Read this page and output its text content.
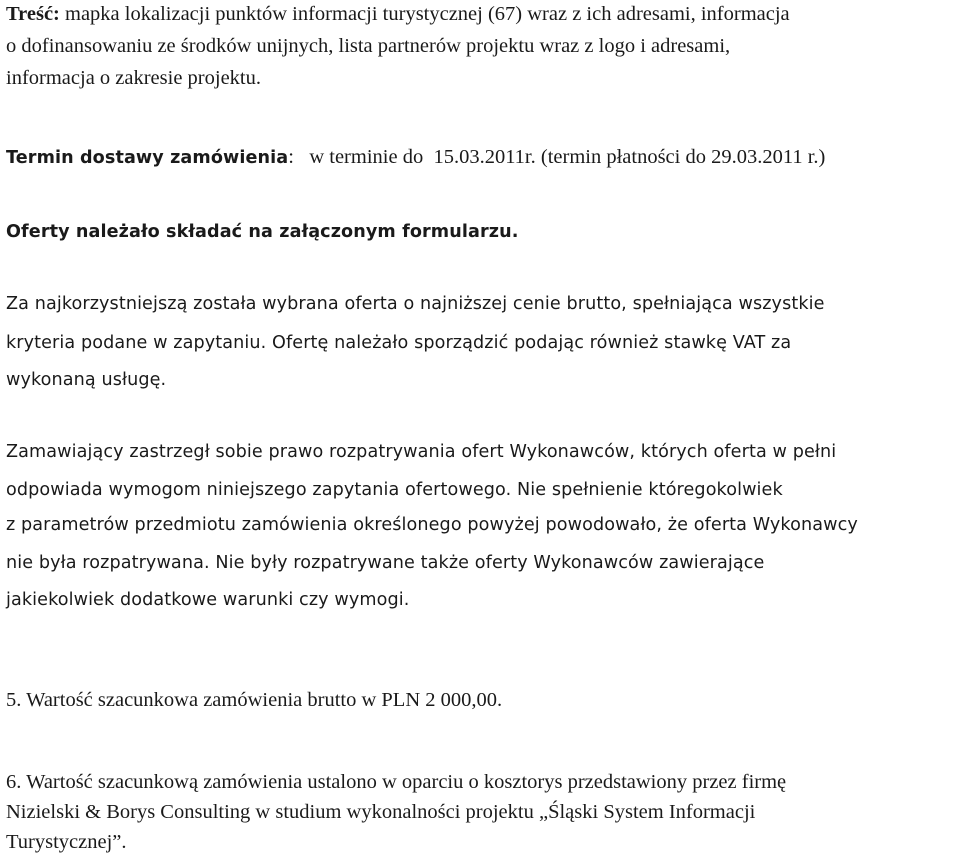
Treść: mapka lokalizacji punktów informacji turystycznej (67) wraz z ich adresami, informacja
o dofinansowaniu ze środków unijnych, lista partnerów projektu wraz z logo i adresami,
informacja o zakresie projektu.
Termin dostawy zamówienia:   w terminie do  15.03.2011r. (termin płatności do 29.03.2011 r.)
Oferty należało składać na załączonym formularzu.
Za najkorzystniejszą została wybrana oferta o najniższej cenie brutto, spełniająca wszystkie
kryteria podane w zapytaniu. Ofertę należało sporządzić podając również stawkę VAT za
wykonaną usługę.
Zamawiający zastrzegł sobie prawo rozpatrywania ofert Wykonawców, których oferta w pełni
odpowiada wymogom niniejszego zapytania ofertowego. Nie spełnienie któregokolwiek
z parametrów przedmiotu zamówienia określonego powyżej powodowało, że oferta Wykonawcy
nie była rozpatrywana. Nie były rozpatrywane także oferty Wykonawców zawierające
jakiekolwiek dodatkowe warunki czy wymogi.
5. Wartość szacunkowa zamówienia brutto w PLN 2 000,00.
6. Wartość szacunkową zamówienia ustalono w oparciu o kosztorys przedstawiony przez firmę
Nizielski & Borys Consulting w studium wykonalności projektu „Śląski System Informacji
Turystycznej”.
